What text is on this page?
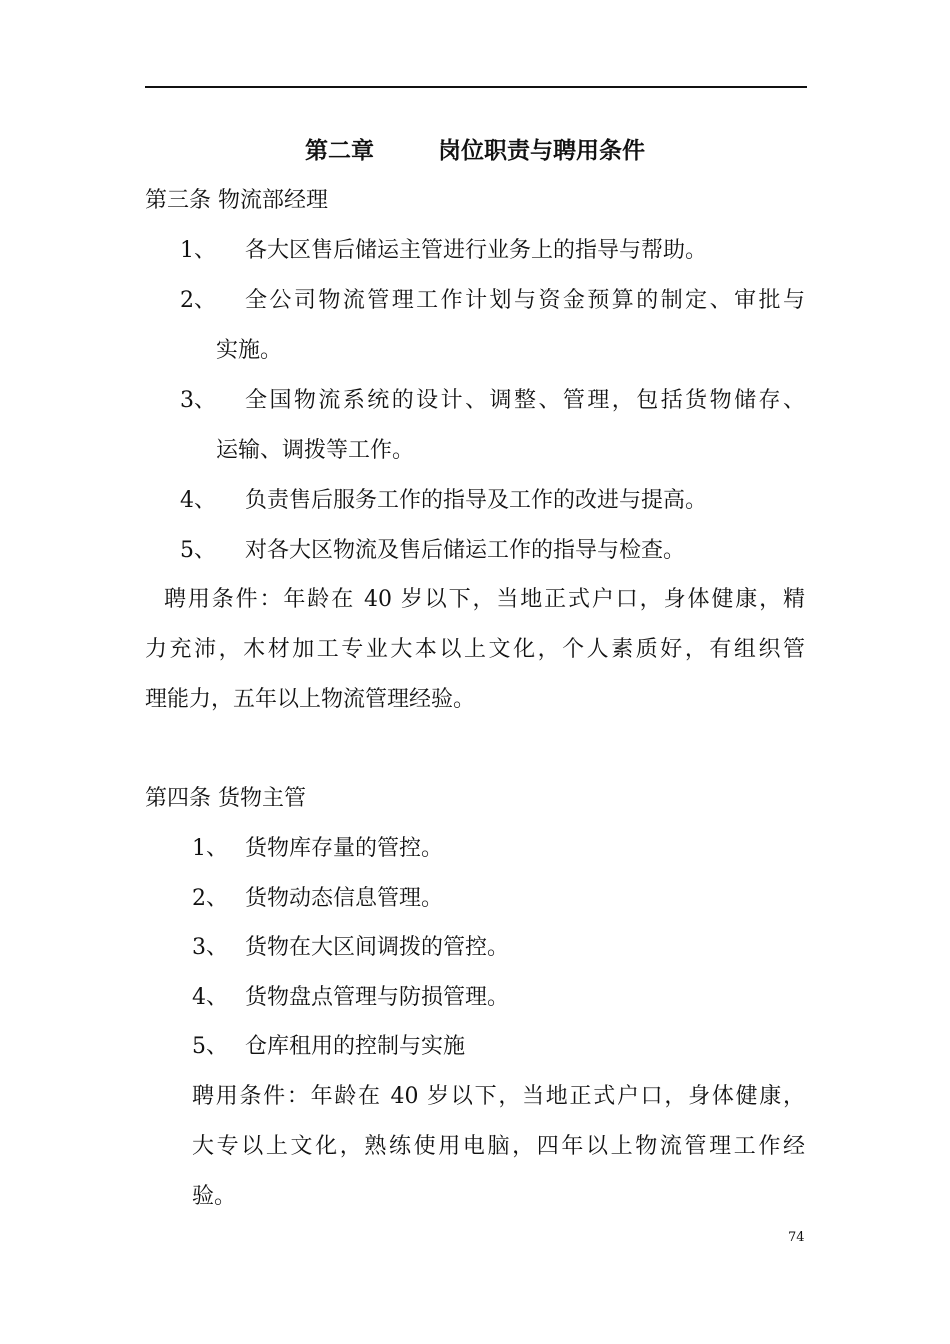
第二章        岗位职责与聘用条件
第三条 物流部经理
1、 各大区售后储运主管进行业务上的指导与帮助。
2、 全公司物流管理工作计划与资金预算的制定、审批与
实施。
3、 全国物流系统的设计、调整、管理，包括货物储存、
运输、调拨等工作。
4、 负责售后服务工作的指导及工作的改进与提高。
5、 对各大区物流及售后储运工作的指导与检查。
聘用条件：年龄在 40 岁以下，当地正式户口，身体健康，精
力充沛，木材加工专业大本以上文化，个人素质好，有组织管
理能力，五年以上物流管理经验。
第四条 货物主管
1、 货物库存量的管控。
2、 货物动态信息管理。
3、 货物在大区间调拨的管控。
4、 货物盘点管理与防损管理。
5、 仓库租用的控制与实施
聘用条件：年龄在 40 岁以下，当地正式户口，身体健康，
大专以上文化，熟练使用电脑，四年以上物流管理工作经
验。
74
